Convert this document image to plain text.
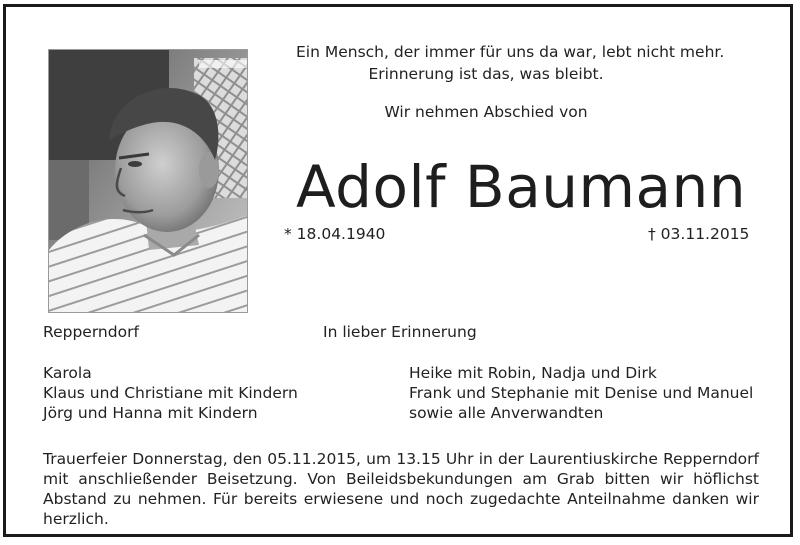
Ein Mensch, der immer für uns da war, lebt nicht mehr.
Erinnerung ist das, was bleibt.
Wir nehmen Abschied von
Adolf Baumann
* 18.04.1940	† 03.11.2015
Repperndorf	In lieber Erinnerung
Karola
Klaus und Christiane mit Kindern
Jörg und Hanna mit Kindern
Heike mit Robin, Nadja und Dirk
Frank und Stephanie mit Denise und Manuel
sowie alle Anverwandten
Trauerfeier Donnerstag, den 05.11.2015, um 13.15 Uhr in der Laurentiuskirche Repperndorf mit anschließender Beisetzung. Von Beileidsbekundungen am Grab bitten wir höflichst Abstand zu nehmen. Für bereits erwiesene und noch zugedachte Anteilnahme danken wir herzlich.
